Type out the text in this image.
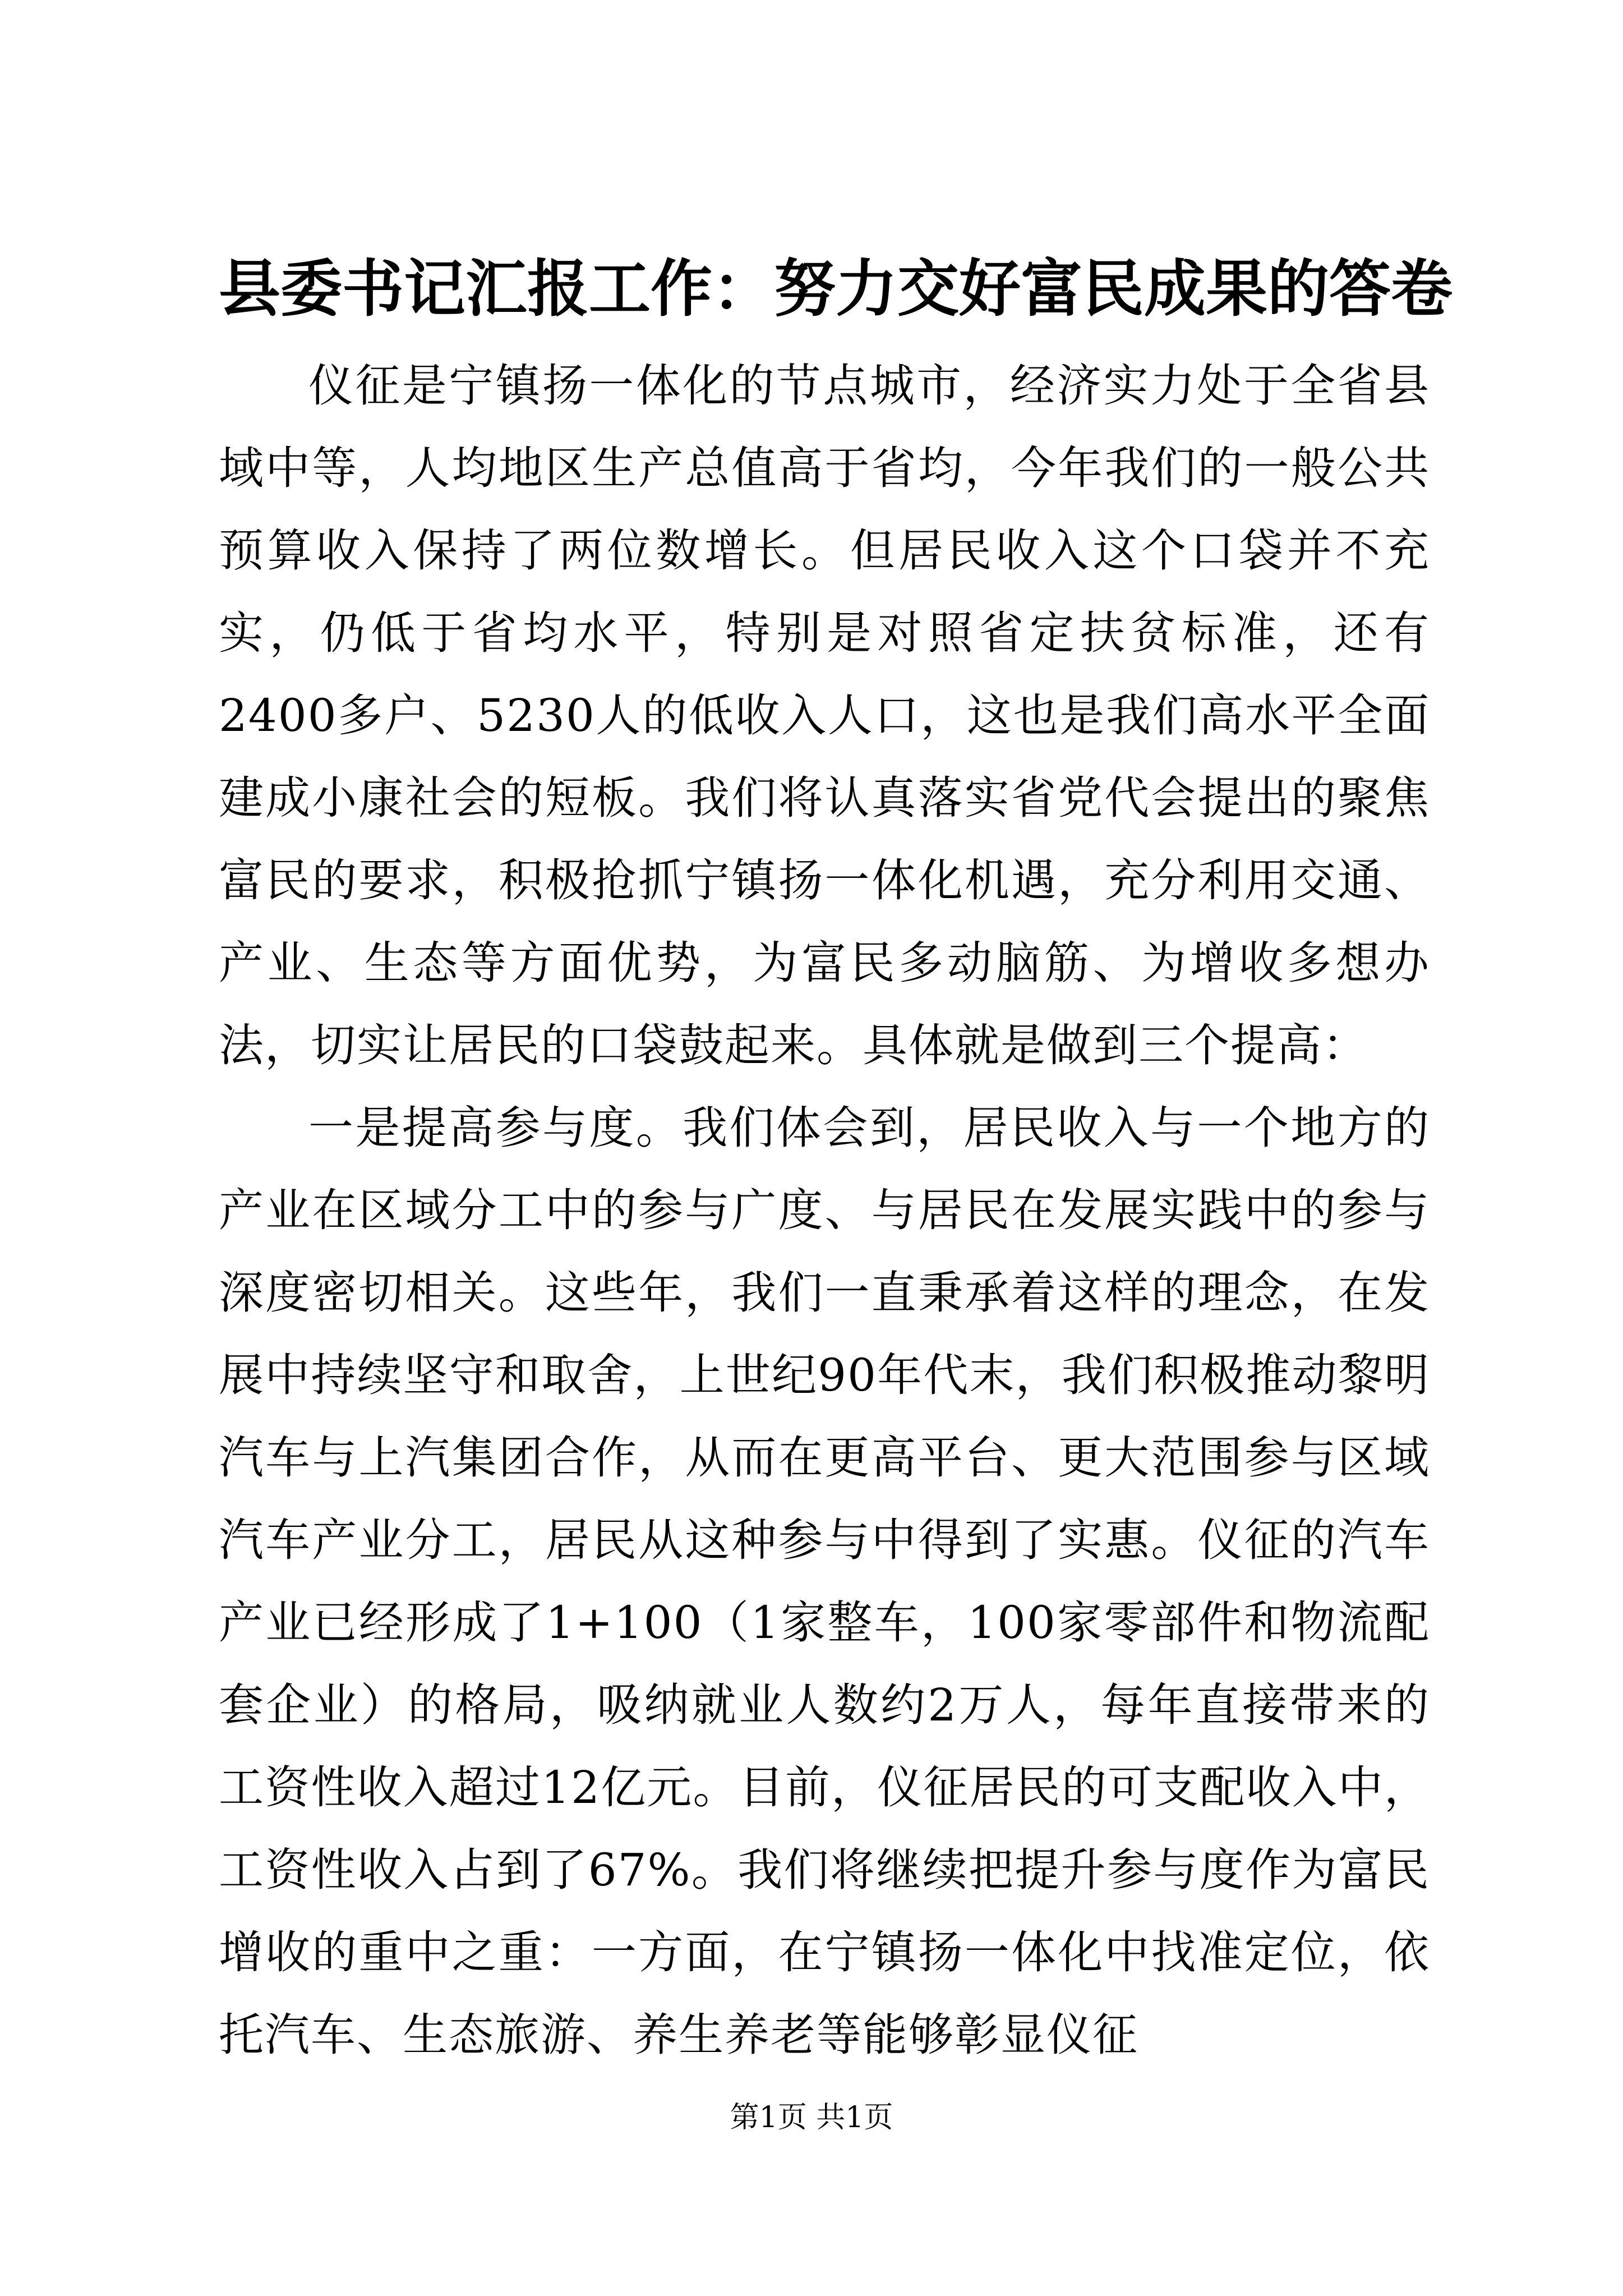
县委书记汇报工作：努力交好富民成果的答卷

仪征是宁镇扬一体化的节点城市，经济实力处于全省县域中等，人均地区生产总值高于省均，今年我们的一般公共预算收入保持了两位数增长。但居民收入这个口袋并不充实，仍低于省均水平，特别是对照省定扶贫标准，还有2400多户、5230人的低收入人口，这也是我们高水平全面建成小康社会的短板。我们将认真落实省党代会提出的聚焦富民的要求，积极抢抓宁镇扬一体化机遇，充分利用交通、产业、生态等方面优势，为富民多动脑筋、为增收多想办法，切实让居民的口袋鼓起来。具体就是做到三个提高：

一是提高参与度。我们体会到，居民收入与一个地方的产业在区域分工中的参与广度、与居民在发展实践中的参与深度密切相关。这些年，我们一直秉承着这样的理念，在发展中持续坚守和取舍，上世纪90年代末，我们积极推动黎明汽车与上汽集团合作，从而在更高平台、更大范围参与区域汽车产业分工，居民从这种参与中得到了实惠。仪征的汽车产业已经形成了1+100（1家整车，100家零部件和物流配套企业）的格局，吸纳就业人数约2万人，每年直接带来的工资性收入超过12亿元。目前，仪征居民的可支配收入中，工资性收入占到了67%。我们将继续把提升参与度作为富民增收的重中之重：一方面，在宁镇扬一体化中找准定位，依托汽车、生态旅游、养生养老等能够彰显仪征

第1页 共1页
